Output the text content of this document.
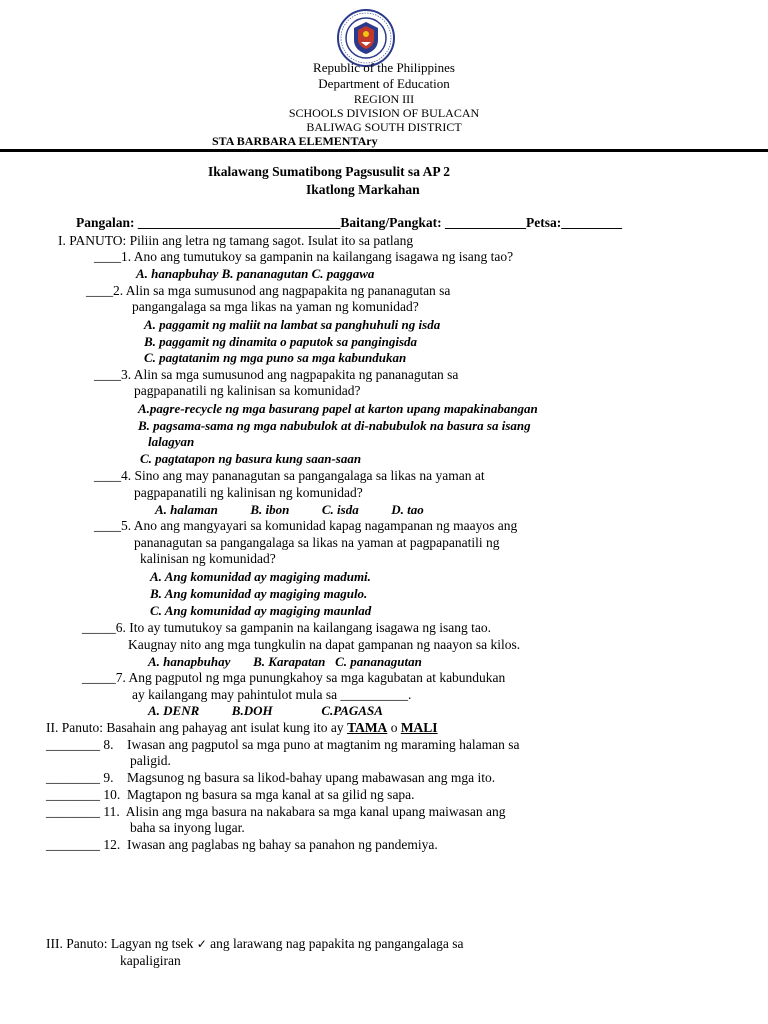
Republic of the Philippines
Department of Education
REGION III
SCHOOLS DIVISION OF BULACAN
BALIWAG SOUTH DISTRICT
STA BARBARA ELEMENTAry
Ikalawang Sumatibong Pagsusulit sa AP 2
Ikatlong Markahan
Pangalan: ______________________________Baitang/Pangkat: ____________Petsa:_________
I. PANUTO: Piliin ang letra ng tamang sagot. Isulat ito sa patlang
____1. Ano ang tumutukoy sa gampanin na kailangang isagawa ng isang tao?
A. hanapbuhay B. pananagutan C. paggawa
____2. Alin sa mga sumusunod ang nagpapakita ng pananagutan sa
pangangalaga sa mga likas na yaman ng komunidad?
A. paggamit ng maliit na lambat sa panghuhuli ng isda
B. paggamit ng dinamita o paputok sa pangingisda
C. pagtatanim ng mga puno sa mga kabundukan
____3. Alin sa mga sumusunod ang nagpapakita ng pananagutan sa
pagpapanatili ng kalinisan sa komunidad?
A.pagre-recycle ng mga basurang papel at karton upang mapakinabangan
B. pagsama-sama ng mga nabubulok at di-nabubulok na basura sa isang
lalagyan
C. pagtatapon ng basura kung saan-saan
____4. Sino ang may pananagutan sa pangangalaga sa likas na yaman at
pagpapanatili ng kalinisan ng komunidad?
A. halaman          B. ibon          C. isda          D. tao
____5. Ano ang mangyayari sa komunidad kapag nagampanan ng maayos ang
pananagutan sa pangangalaga sa likas na yaman at pagpapanatili ng
kalinisan ng komunidad?
A. Ang komunidad ay magiging madumi.
B. Ang komunidad ay magiging magulo.
C. Ang komunidad ay magiging maunlad
_____6. Ito ay tumutukoy sa gampanin na kailangang isagawa ng isang tao.
Kaugnay nito ang mga tungkulin na dapat gampanan ng naayon sa kilos.
A. hanapbuhay       B. Karapatan   C. pananagutan
_____7. Ang pagputol ng mga punungkahoy sa mga kagubatan at kabundukan
ay kailangang may pahintulot mula sa __________.
A. DENR          B.DOH               C.PAGASA
II. Panuto: Basahain ang pahayag ant isulat kung ito ay TAMA o MALI
________ 8.    Iwasan ang pagputol sa mga puno at magtanim ng maraming halaman sa
paligid.
________ 9.    Magsunog ng basura sa likod-bahay upang mabawasan ang mga ito.
________ 10.  Magtapon ng basura sa mga kanal at sa gilid ng sapa.
________ 11.  Alisin ang mga basura na nakabara sa mga kanal upang maiwasan ang
baha sa inyong lugar.
________ 12.  Iwasan ang paglabas ng bahay sa panahon ng pandemiya.
III. Panuto: Lagyan ng tsek ✓ ang larawang nag papakita ng pangangalaga sa
kapaligiran
